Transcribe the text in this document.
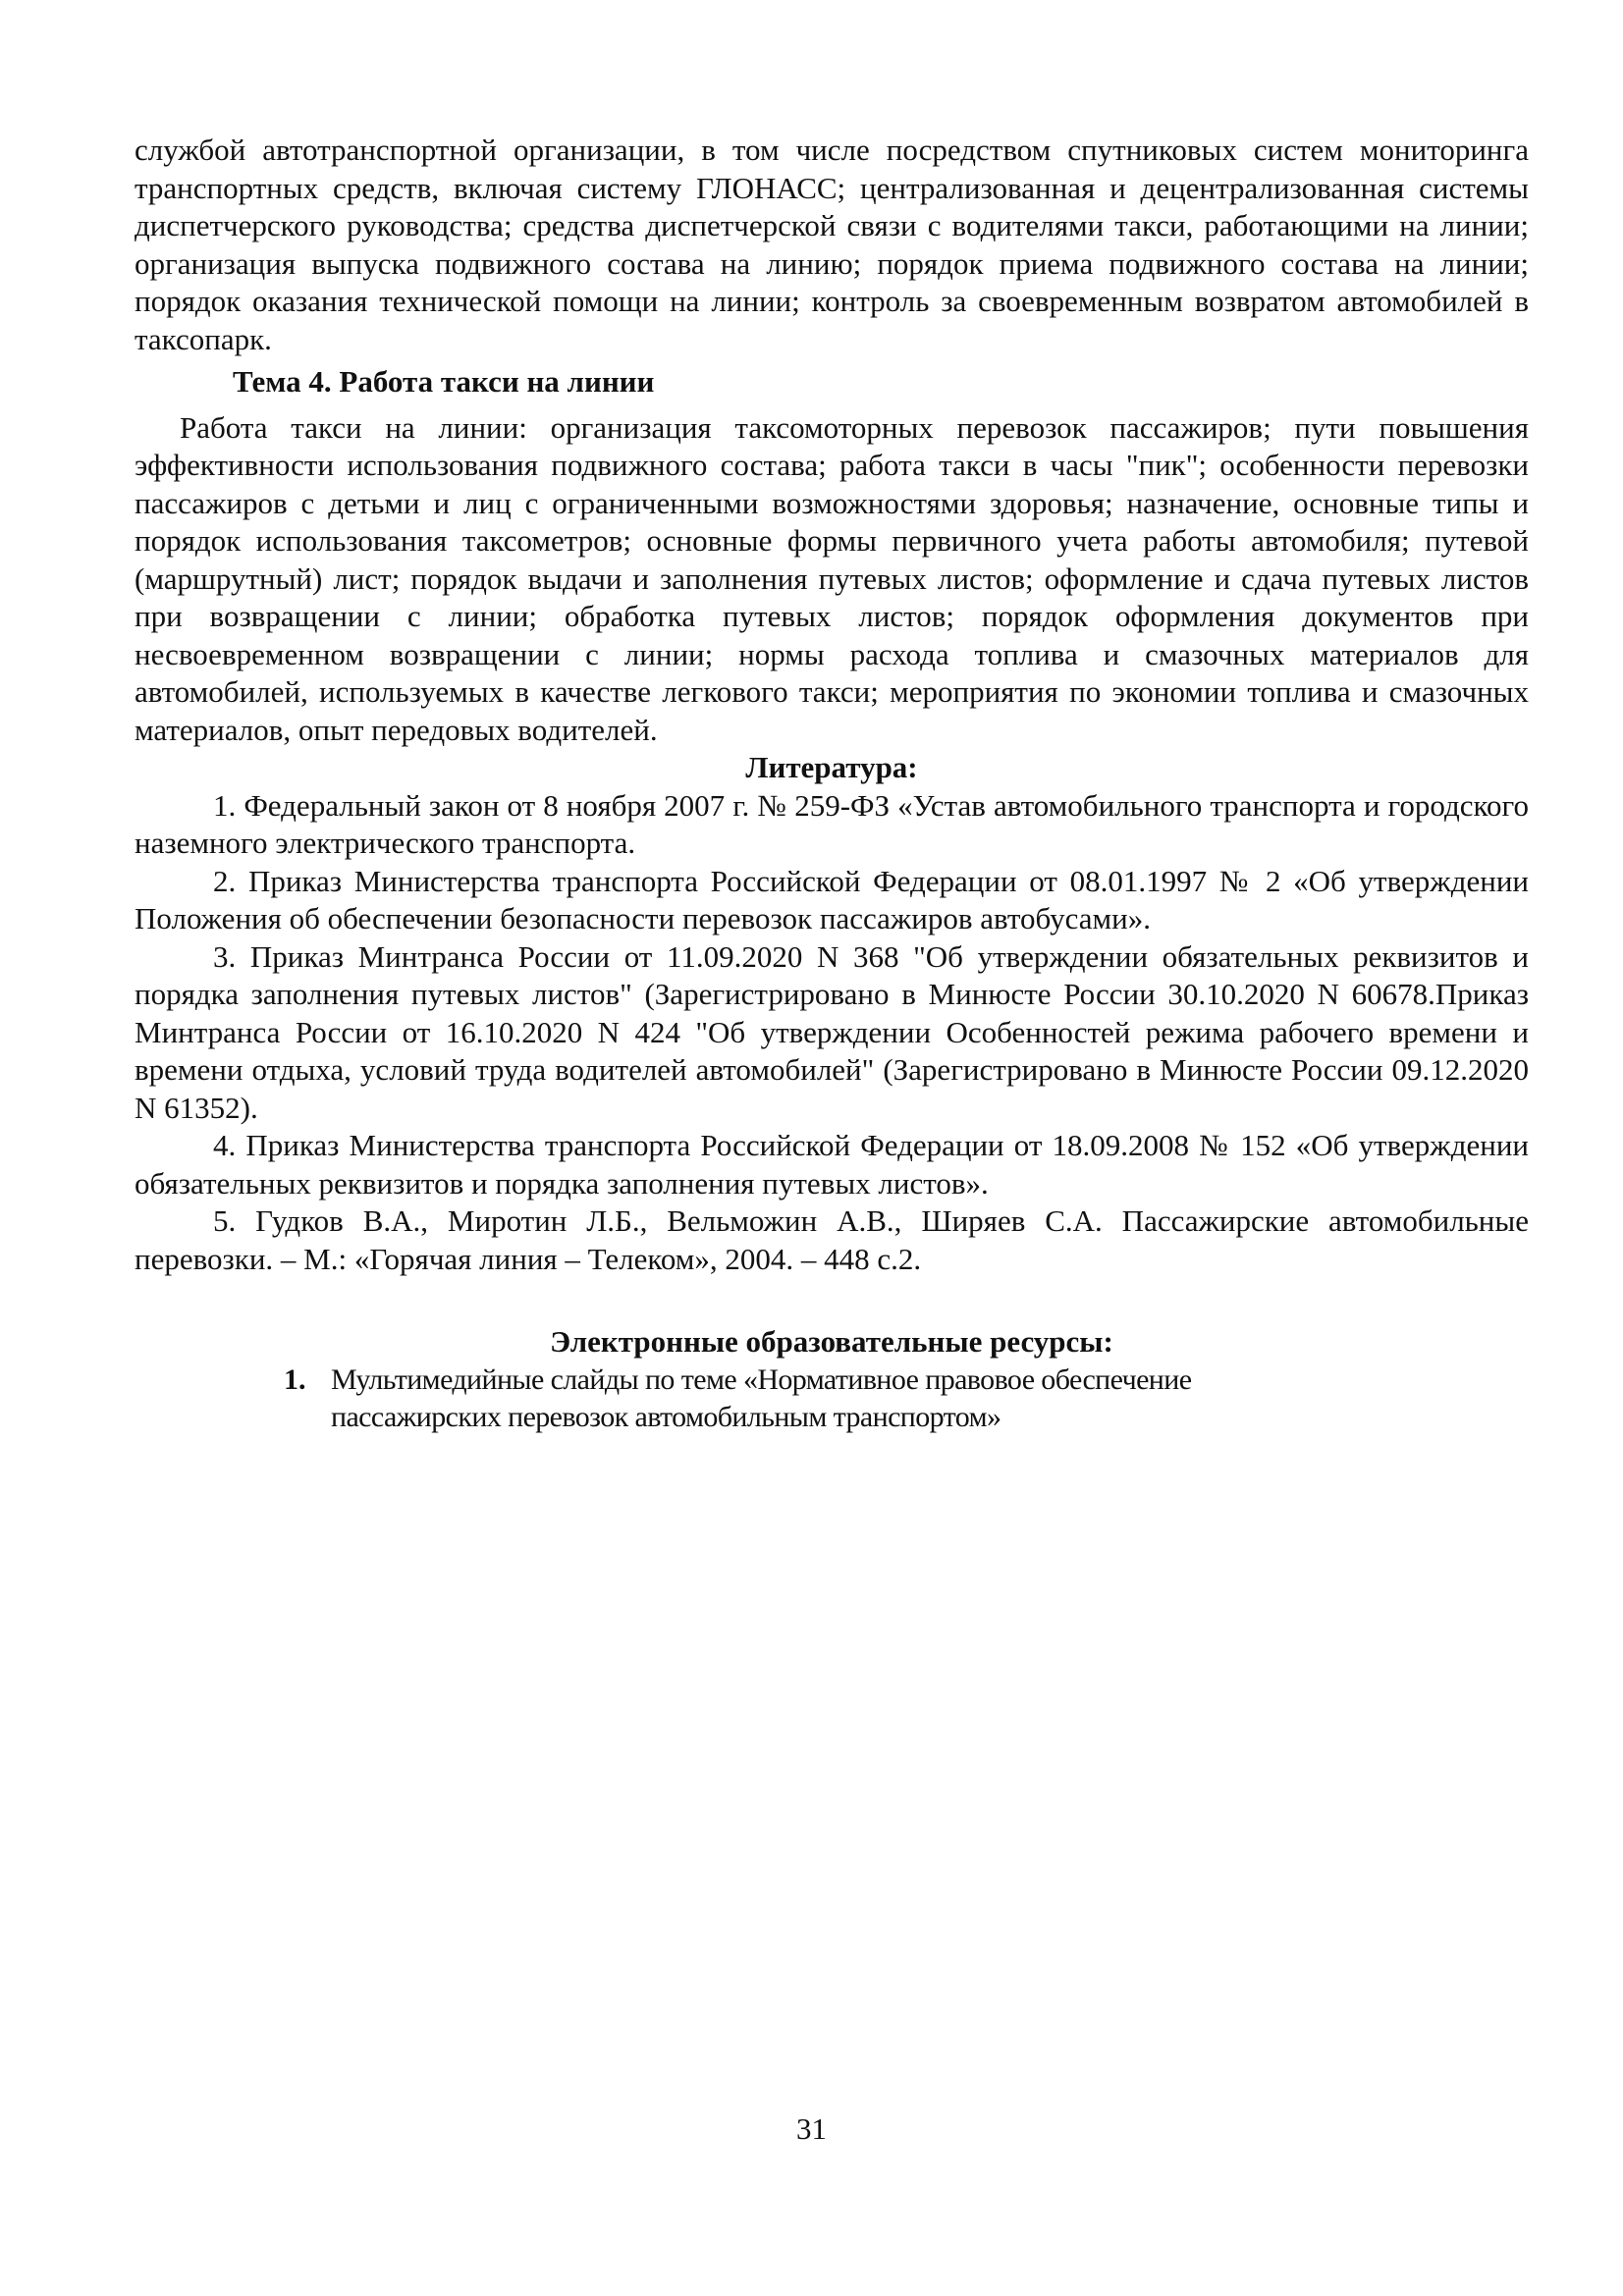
службой автотранспортной организации, в том числе посредством спутниковых систем мониторинга транспортных средств, включая систему ГЛОНАСС; централизованная и децентрализованная системы диспетчерского руководства; средства диспетчерской связи с водителями такси, работающими на линии; организация выпуска подвижного состава на линию; порядок приема подвижного состава на линии; порядок оказания технической помощи на линии; контроль за своевременным возвратом автомобилей в таксопарк.

Тема 4. Работа такси на линии

Работа такси на линии: организация таксомоторных перевозок пассажиров; пути повышения эффективности использования подвижного состава; работа такси в часы "пик"; особенности перевозки пассажиров с детьми и лиц с ограниченными возможностями здоровья; назначение, основные типы и порядок использования таксометров; основные формы первичного учета работы автомобиля; путевой (маршрутный) лист; порядок выдачи и заполнения путевых листов; оформление и сдача путевых листов при возвращении с линии; обработка путевых листов; порядок оформления документов при несвоевременном возвращении с линии; нормы расхода топлива и смазочных материалов для автомобилей, используемых в качестве легкового такси; мероприятия по экономии топлива и смазочных материалов, опыт передовых водителей.

Литература:

1. Федеральный закон от 8 ноября 2007 г. № 259-ФЗ «Устав автомобильного транспорта и городского наземного электрического транспорта.

2. Приказ Министерства транспорта Российской Федерации от 08.01.1997 № 2 «Об утверждении Положения об обеспечении безопасности перевозок пассажиров автобусами».

3. Приказ Минтранса России от 11.09.2020 N 368 "Об утверждении обязательных реквизитов и порядка заполнения путевых листов" (Зарегистрировано в Минюсте России 30.10.2020 N 60678.Приказ Минтранса России от 16.10.2020 N 424 "Об утверждении Особенностей режима рабочего времени и времени отдыха, условий труда водителей автомобилей" (Зарегистрировано в Минюсте России 09.12.2020 N 61352).

4. Приказ Министерства транспорта Российской Федерации от 18.09.2008 № 152 «Об утверждении обязательных реквизитов и порядка заполнения путевых листов».

5. Гудков В.А., Миротин Л.Б., Вельможин А.В., Ширяев С.А. Пассажирские автомобильные перевозки. – М.: «Горячая линия – Телеком», 2004. – 448 с.2.

Электронные образовательные ресурсы:

1. Мультимедийные слайды по теме «Нормативное правовое обеспечение пассажирских перевозок автомобильным транспортом»
31
